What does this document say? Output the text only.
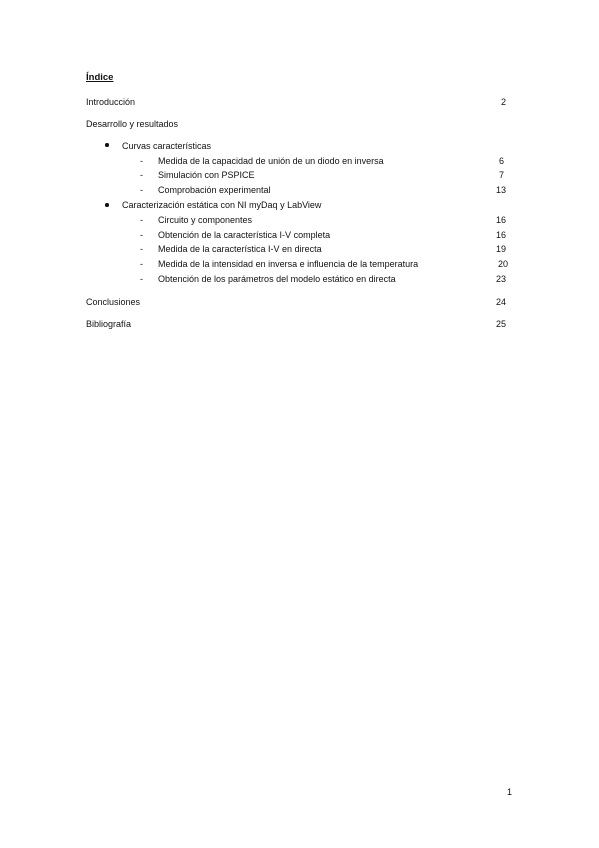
Índice
Introducción	2
Desarrollo y resultados
Curvas características
- Medida de la capacidad de unión de un diodo en inversa	6
- Simulación con PSPICE	7
- Comprobación experimental	13
Caracterización estática con NI myDaq y LabView
- Circuito y componentes	16
- Obtención de la característica I-V completa	16
- Medida de la característica I-V en directa	19
- Medida de la intensidad en inversa e influencia de la temperatura	20
- Obtención de los parámetros del modelo estático en directa	23
Conclusiones	24
Bibliografía	25
1
